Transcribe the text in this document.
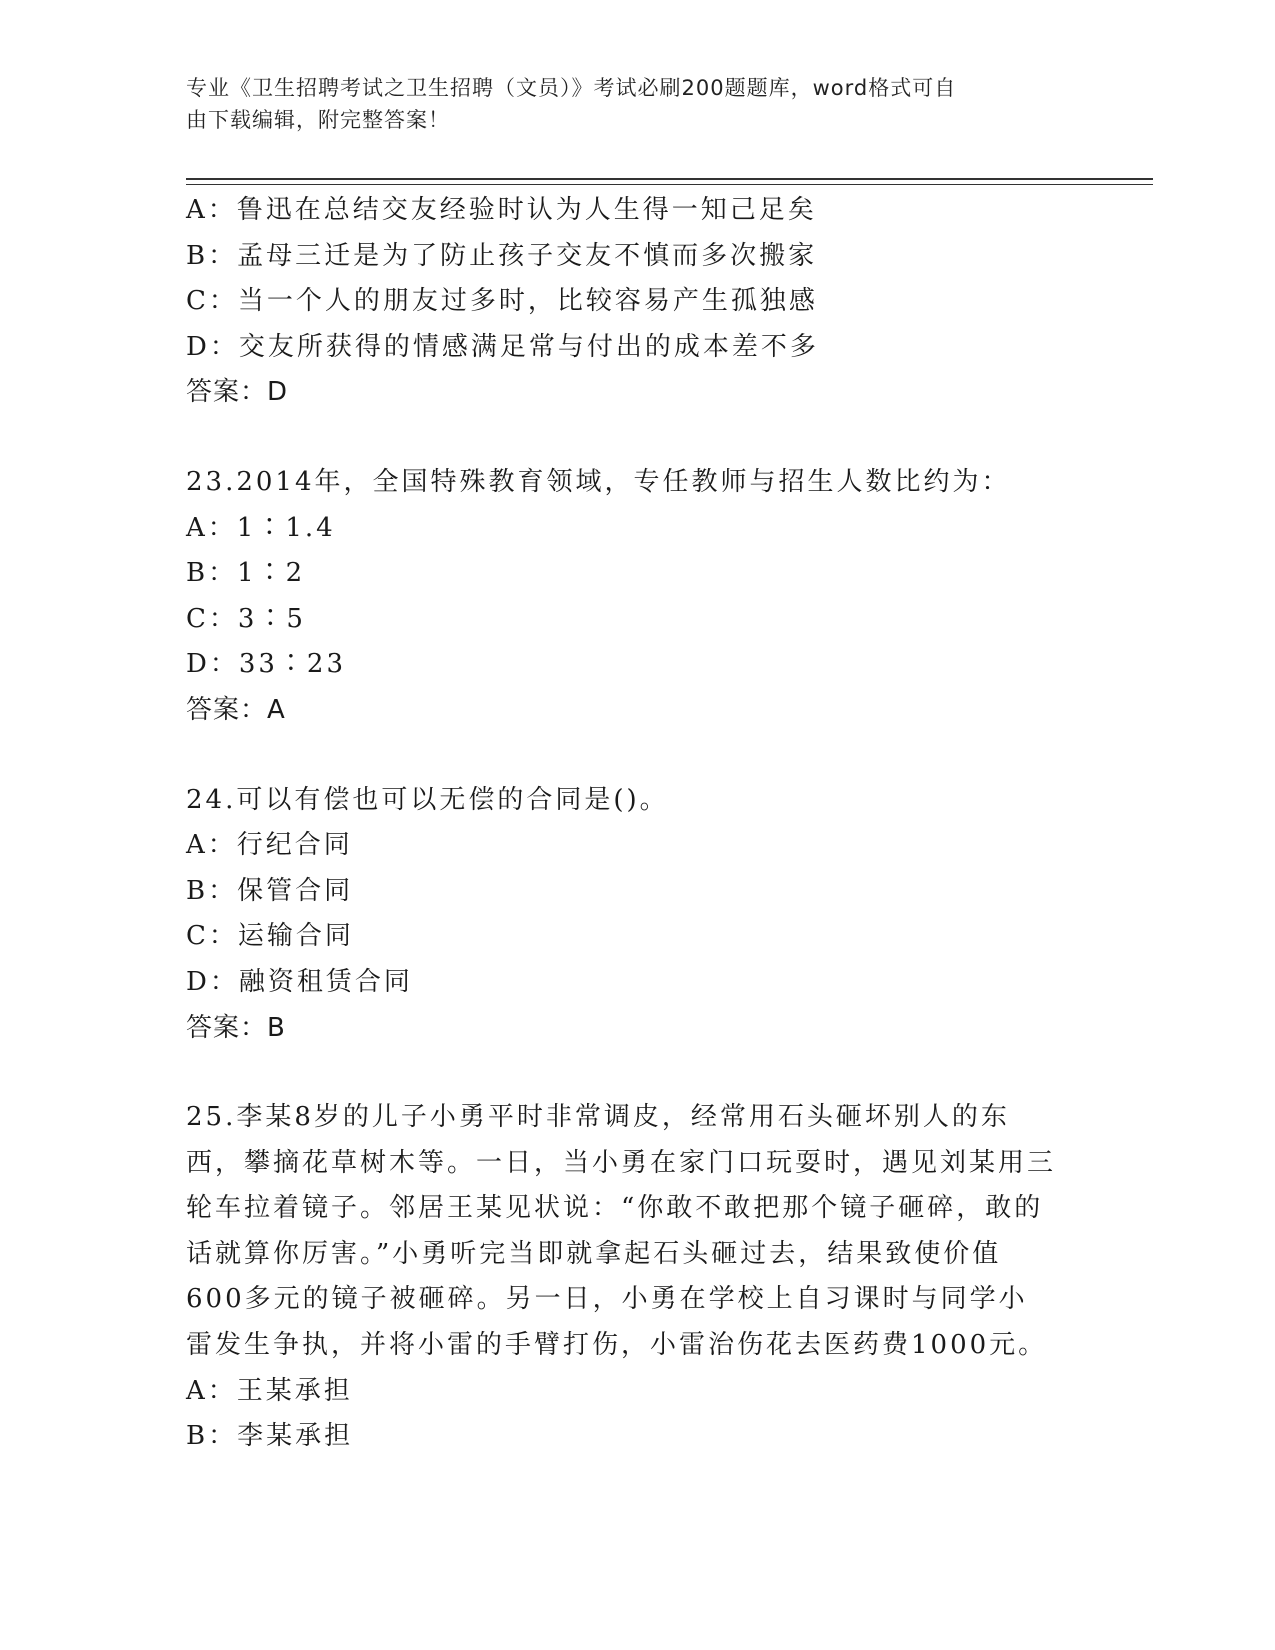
专业《卫生招聘考试之卫生招聘（文员）》考试必刷200题题库，word格式可自
由下载编辑，附完整答案！
A：鲁迅在总结交友经验时认为人生得一知己足矣
B：孟母三迁是为了防止孩子交友不慎而多次搬家
C：当一个人的朋友过多时，比较容易产生孤独感
D：交友所获得的情感满足常与付出的成本差不多
答案：D
23.2014年，全国特殊教育领域，专任教师与招生人数比约为：
A：1∶1.4
B：1∶2
C：3∶5
D：33∶23
答案：A
24.可以有偿也可以无偿的合同是()。
A：行纪合同
B：保管合同
C：运输合同
D：融资租赁合同
答案：B
25.李某8岁的儿子小勇平时非常调皮，经常用石头砸坏别人的东西，攀摘花草树木等。一日，当小勇在家门口玩耍时，遇见刘某用三轮车拉着镜子。邻居王某见状说：“你敢不敢把那个镜子砸碎，敢的话就算你厉害。”小勇听完当即就拿起石头砸过去，结果致使价值600多元的镜子被砸碎。另一日，小勇在学校上自习课时与同学小雷发生争执，并将小雷的手臂打伤，小雷治伤花去医药费1000元。
A：王某承担
B：李某承担
